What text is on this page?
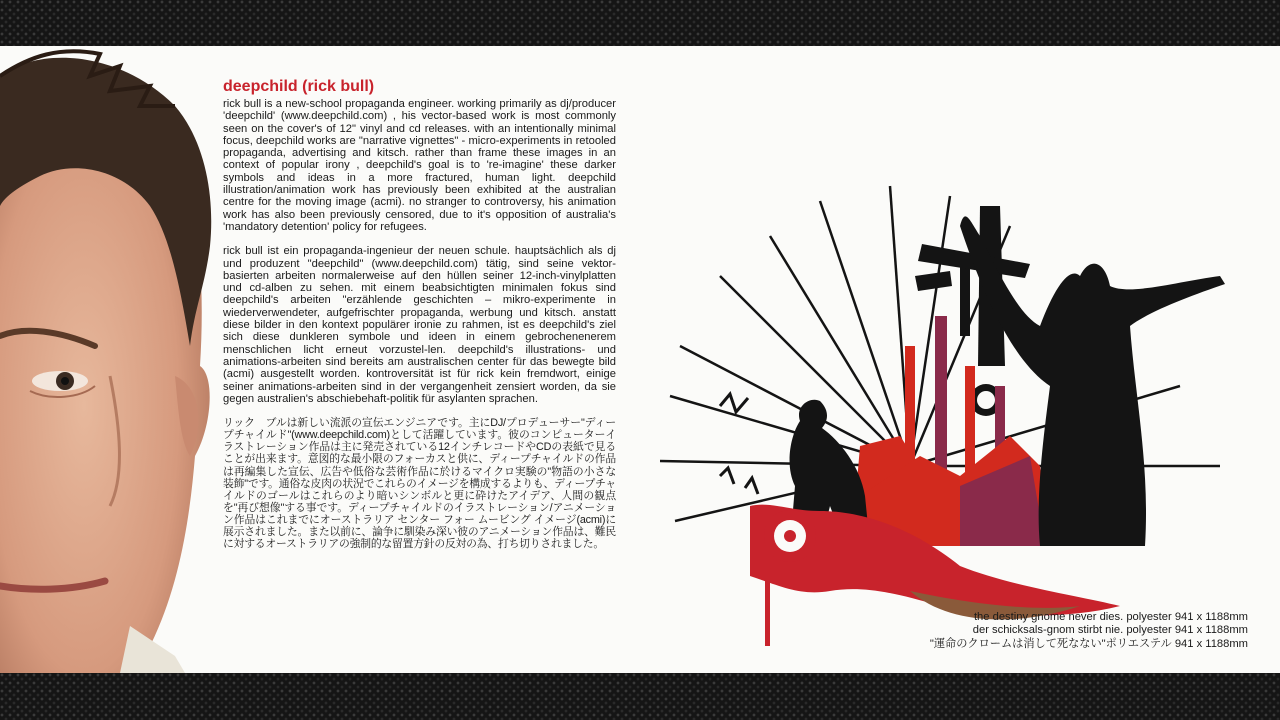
deepchild (rick bull)

rick bull is a new-school propaganda engineer. working primarily as dj/producer 'deepchild' (www.deepchild.com) , his vector-based work is most commonly seen on the cover's of 12" vinyl and cd releases. with an intentionally minimal focus, deepchild works are "narrative vignettes" - micro-experiments in retooled propaganda, advertising and kitsch. rather than frame these images in an context of popular irony , deepchild's goal is to 're-imagine' these darker symbols and ideas in a more fractured, human light. deepchild illustration/animation work has previously been exhibited at the australian centre for the moving image (acmi). no stranger to controversy, his animation work has also been previously censored, due to it's opposition of australia's 'mandatory detention' policy for refugees.

rick bull ist ein propaganda-ingenieur der neuen schule. hauptsächlich als dj und produzent "deepchild" (www.deepchild.com) tätig, sind seine vektor-basierten arbeiten normalerweise auf den hüllen seiner 12-inch-vinylplatten und cd-alben zu sehen. mit einem beabsichtigten minimalen fokus sind deepchild's arbeiten "erzählende geschichten – mikro-experimente in wiederverwendeter, aufgefrischter propaganda, werbung und kitsch. anstatt diese bilder in den kontext populärer ironie zu rahmen, ist es deepchild's ziel sich diese dunkleren symbole und ideen in einem gebrochenenerem menschlichen licht erneut vorzustel-len. deepchild's illustrations- und animations-arbeiten sind bereits am australischen center für das bewegte bild (acmi) ausgestellt worden. kontroversität ist für rick kein fremdwort, einige seiner animations-arbeiten sind in der vergangenheit zensiert worden, da sie gegen australien's abschiebehaft-politik für asylanten sprachen.

リック　ブルは新しい流派の宣伝エンジニアです。主にDJ/プロデューサー"ディープチャイルド"(www.deepchild.com)として活躍しています。彼のコンピューターイラストレーション作品は主に発売されている12インチレコードやCDの表紙で見ることが出来ます。意図的な最小限のフォーカスと供に、ディープチャイルドの作品は再編集した宣伝、広告や低俗な芸術作品に於けるマイクロ実験の"物語の小さな装飾"です。通俗な皮肉の状況でこれらのイメージを構成するよりも、ディープチャイルドのゴールはこれらのより暗いシンボルと更に砕けたアイデア、人間の観点を"再び想像"する事です。ディープチャイルドのイラストレーション/アニメーション作品はこれまでにオーストラリア センター フォー ムービング イメージ(acmi)に展示されました。また以前に、論争に馴染み深い彼のアニメーション作品は、難民に対するオーストラリアの強制的な留置方針の反対の為、打ち切りされました。

the destiny gnome never dies. polyester 941 x 1188mm
der schicksals-gnom stirbt nie. polyester 941 x 1188mm
"運命のクロームは消して死なない"ポリエステル 941 x 1188mm
